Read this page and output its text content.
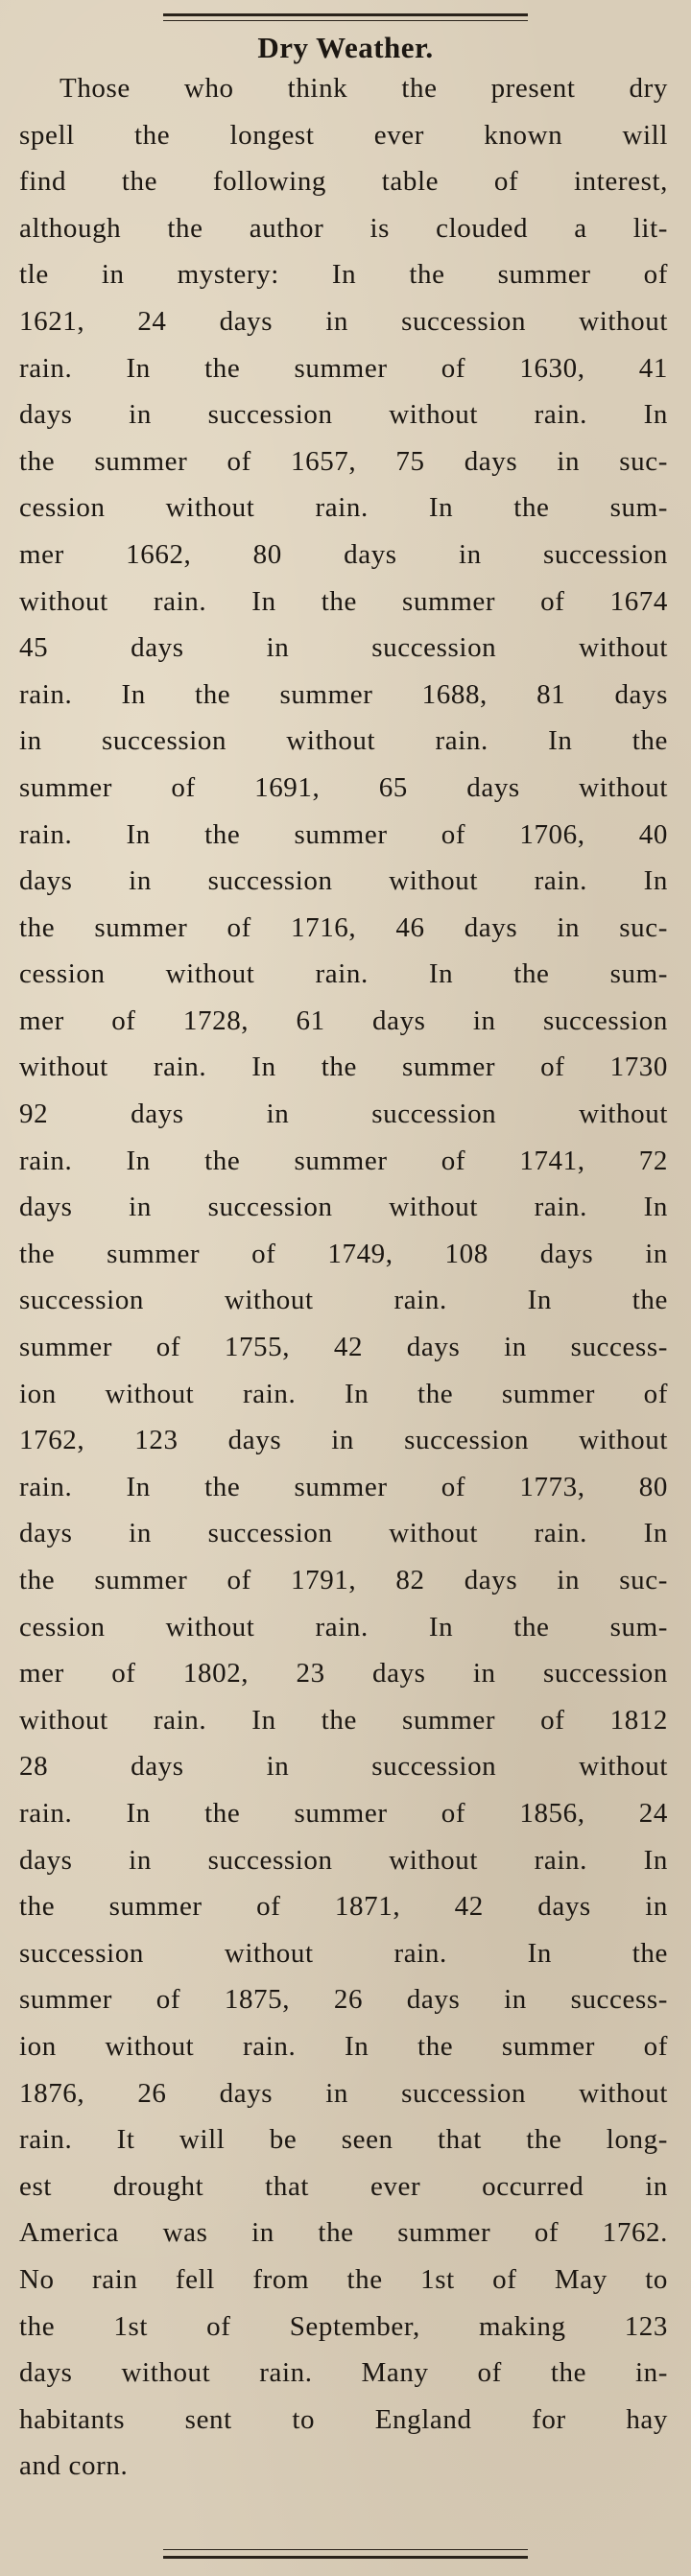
Dry Weather.
Those who think the present dry
spell the longest ever known will
find the following table of interest,
although the author is clouded a lit-
tle in mystery: In the summer of
1621, 24 days in succession without
rain. In the summer of 1630, 41
days in succession without rain. In
the summer of 1657, 75 days in suc-
cession without rain. In the sum-
mer 1662, 80 days in succession
without rain. In the summer of 1674
45 days in succession without
rain. In the summer 1688, 81 days
in succession without rain. In the
summer of 1691, 65 days without
rain. In the summer of 1706, 40
days in succession without rain. In
the summer of 1716, 46 days in suc-
cession without rain. In the sum-
mer of 1728, 61 days in succession
without rain. In the summer of 1730
92 days in succession without
rain. In the summer of 1741, 72
days in succession without rain. In
the summer of 1749, 108 days in
succession without rain. In the
summer of 1755, 42 days in success-
ion without rain. In the summer of
1762, 123 days in succession without
rain. In the summer of 1773, 80
days in succession without rain. In
the summer of 1791, 82 days in suc-
cession without rain. In the sum-
mer of 1802, 23 days in succession
without rain. In the summer of 1812
28 days in succession without
rain. In the summer of 1856, 24
days in succession without rain. In
the summer of 1871, 42 days in
succession without rain. In the
summer of 1875, 26 days in success-
ion without rain. In the summer of
1876, 26 days in succession without
rain. It will be seen that the long-
est drought that ever occurred in
America was in the summer of 1762.
No rain fell from the 1st of May to
the 1st of September, making 123
days without rain. Many of the in-
habitants sent to England for hay
and corn.
